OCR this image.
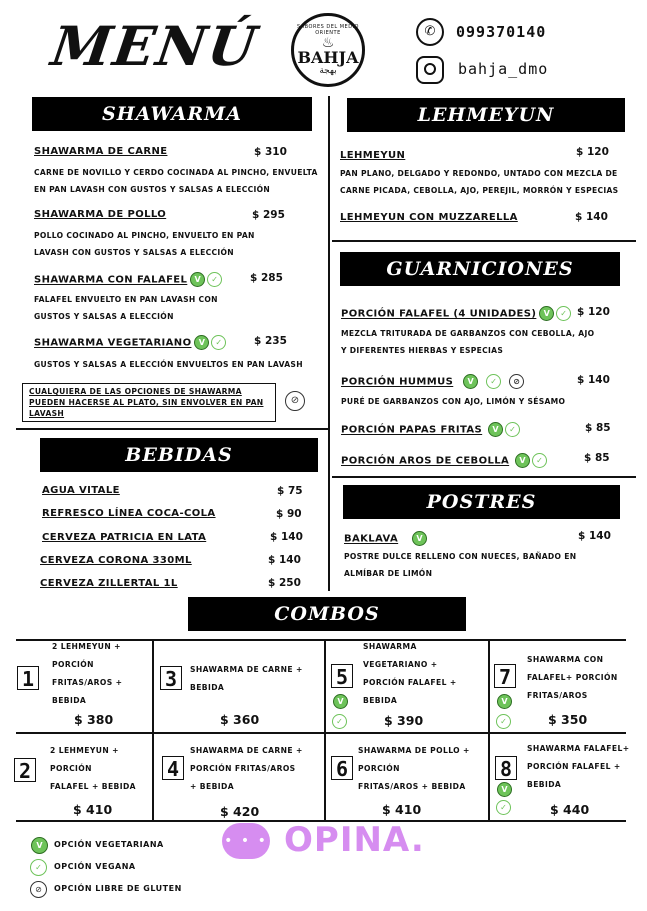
MENÚ	SABORES DEL MEDIO ORIENTE
♨
BAHJA
بهجة
✆	099370140
bahja_dmo
SHAWARMA
SHAWARMA DE CARNE	$ 310
CARNE DE NOVILLO Y CERDO COCINADA AL PINCHO, ENVUELTA EN PAN LAVASH CON GUSTOS Y SALSAS A ELECCIÓN
SHAWARMA DE POLLO	$ 295
POLLO COCINADO AL PINCHO, ENVUELTO EN PAN LAVASH CON GUSTOS Y SALSAS A ELECCIÓN
SHAWARMA CON FALAFEL V ✓	$ 285
FALAFEL ENVUELTO EN PAN LAVASH CON GUSTOS Y SALSAS A ELECCIÓN
SHAWARMA VEGETARIANO V ✓	$ 235
GUSTOS Y SALSAS A ELECCIÓN ENVUELTOS EN PAN LAVASH
CUALQUIERA DE LAS OPCIONES DE SHAWARMA PUEDEN HACERSE AL PLATO, SIN ENVOLVER EN PAN LAVASH
⊘
BEBIDAS
AGUA VITALE	$ 75
REFRESCO LÍNEA COCA-COLA	$ 90
CERVEZA PATRICIA EN LATA	$ 140
CERVEZA CORONA 330ML	$ 140
CERVEZA ZILLERTAL 1L	$ 250
LEHMEYUN
LEHMEYUN	$ 120
PAN PLANO, DELGADO Y REDONDO, UNTADO CON MEZCLA DE CARNE PICADA, CEBOLLA, AJO, PEREJIL, MORRÓN Y ESPECIAS
LEHMEYUN CON MUZZARELLA	$ 140
GUARNICIONES
PORCIÓN FALAFEL (4 UNIDADES) V ✓ $ 120
MEZCLA TRITURADA DE GARBANZOS CON CEBOLLA, AJO Y DIFERENTES HIERBAS Y ESPECIAS
PORCIÓN HUMMUS V ✓ ⊘	$ 140
PURÉ DE GARBANZOS CON AJO, LIMÓN Y SÉSAMO
PORCIÓN PAPAS FRITAS V ✓	$ 85
PORCIÓN AROS DE CEBOLLA V ✓	$ 85
POSTRES
BAKLAVA V	$ 140
POSTRE DULCE RELLENO CON NUECES, BAÑADO EN ALMÍBAR DE LIMÓN
COMBOS
1
2 LEHMEYUN +
PORCIÓN
FRITAS/AROS +
BEBIDA
$ 380
3	SHAWARMA DE CARNE +
BEBIDA
$ 360
5
V
✓
SHAWARMA
VEGETARIANO +
PORCIÓN FALAFEL +
BEBIDA
$ 390
7
V
✓
SHAWARMA CON
FALAFEL+ PORCIÓN
FRITAS/AROS
$ 350
2
2 LEHMEYUN +
PORCIÓN
FALAFEL + BEBIDA
$ 410
4
SHAWARMA DE CARNE +
PORCIÓN FRITAS/AROS
+ BEBIDA
$ 420
6
SHAWARMA DE POLLO +
PORCIÓN
FRITAS/AROS + BEBIDA
$ 410
8
V
✓
SHAWARMA FALAFEL+
PORCIÓN FALAFEL +
BEBIDA
$ 440
V	OPCIÓN VEGETARIANA
✓	OPCIÓN VEGANA
⊘	OPCIÓN LIBRE DE GLUTEN
• • • OPINA.
